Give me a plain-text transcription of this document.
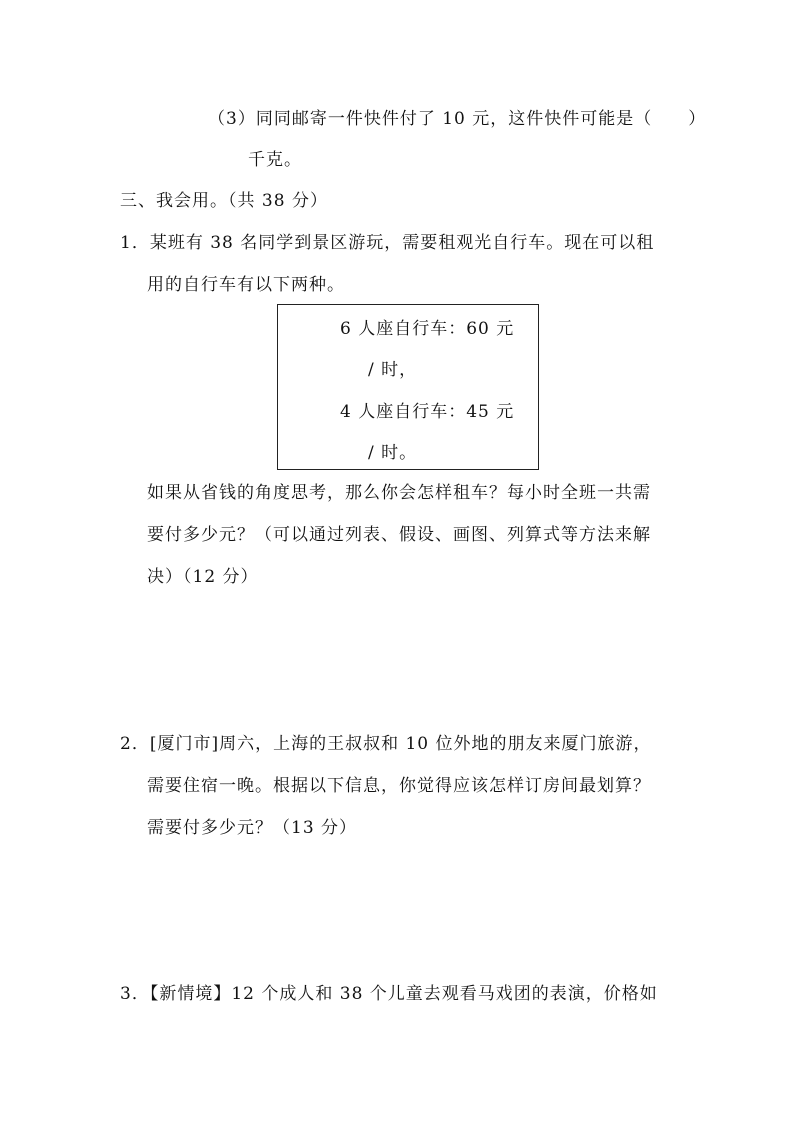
（3）同同邮寄一件快件付了 10 元，这件快件可能是（　　）
千克。
三、我会用。（共 38 分）
1．某班有 38 名同学到景区游玩，需要租观光自行车。现在可以租
用的自行车有以下两种。
6 人座自行车：60 元
/ 时，
4 人座自行车：45 元
/ 时。
如果从省钱的角度思考，那么你会怎样租车？每小时全班一共需
要付多少元？（可以通过列表、假设、画图、列算式等方法来解
决）（12 分）
2．[厦门市]周六，上海的王叔叔和 10 位外地的朋友来厦门旅游，
需要住宿一晚。根据以下信息，你觉得应该怎样订房间最划算？
需要付多少元？（13 分）
3．【新情境】12 个成人和 38 个儿童去观看马戏团的表演，价格如
